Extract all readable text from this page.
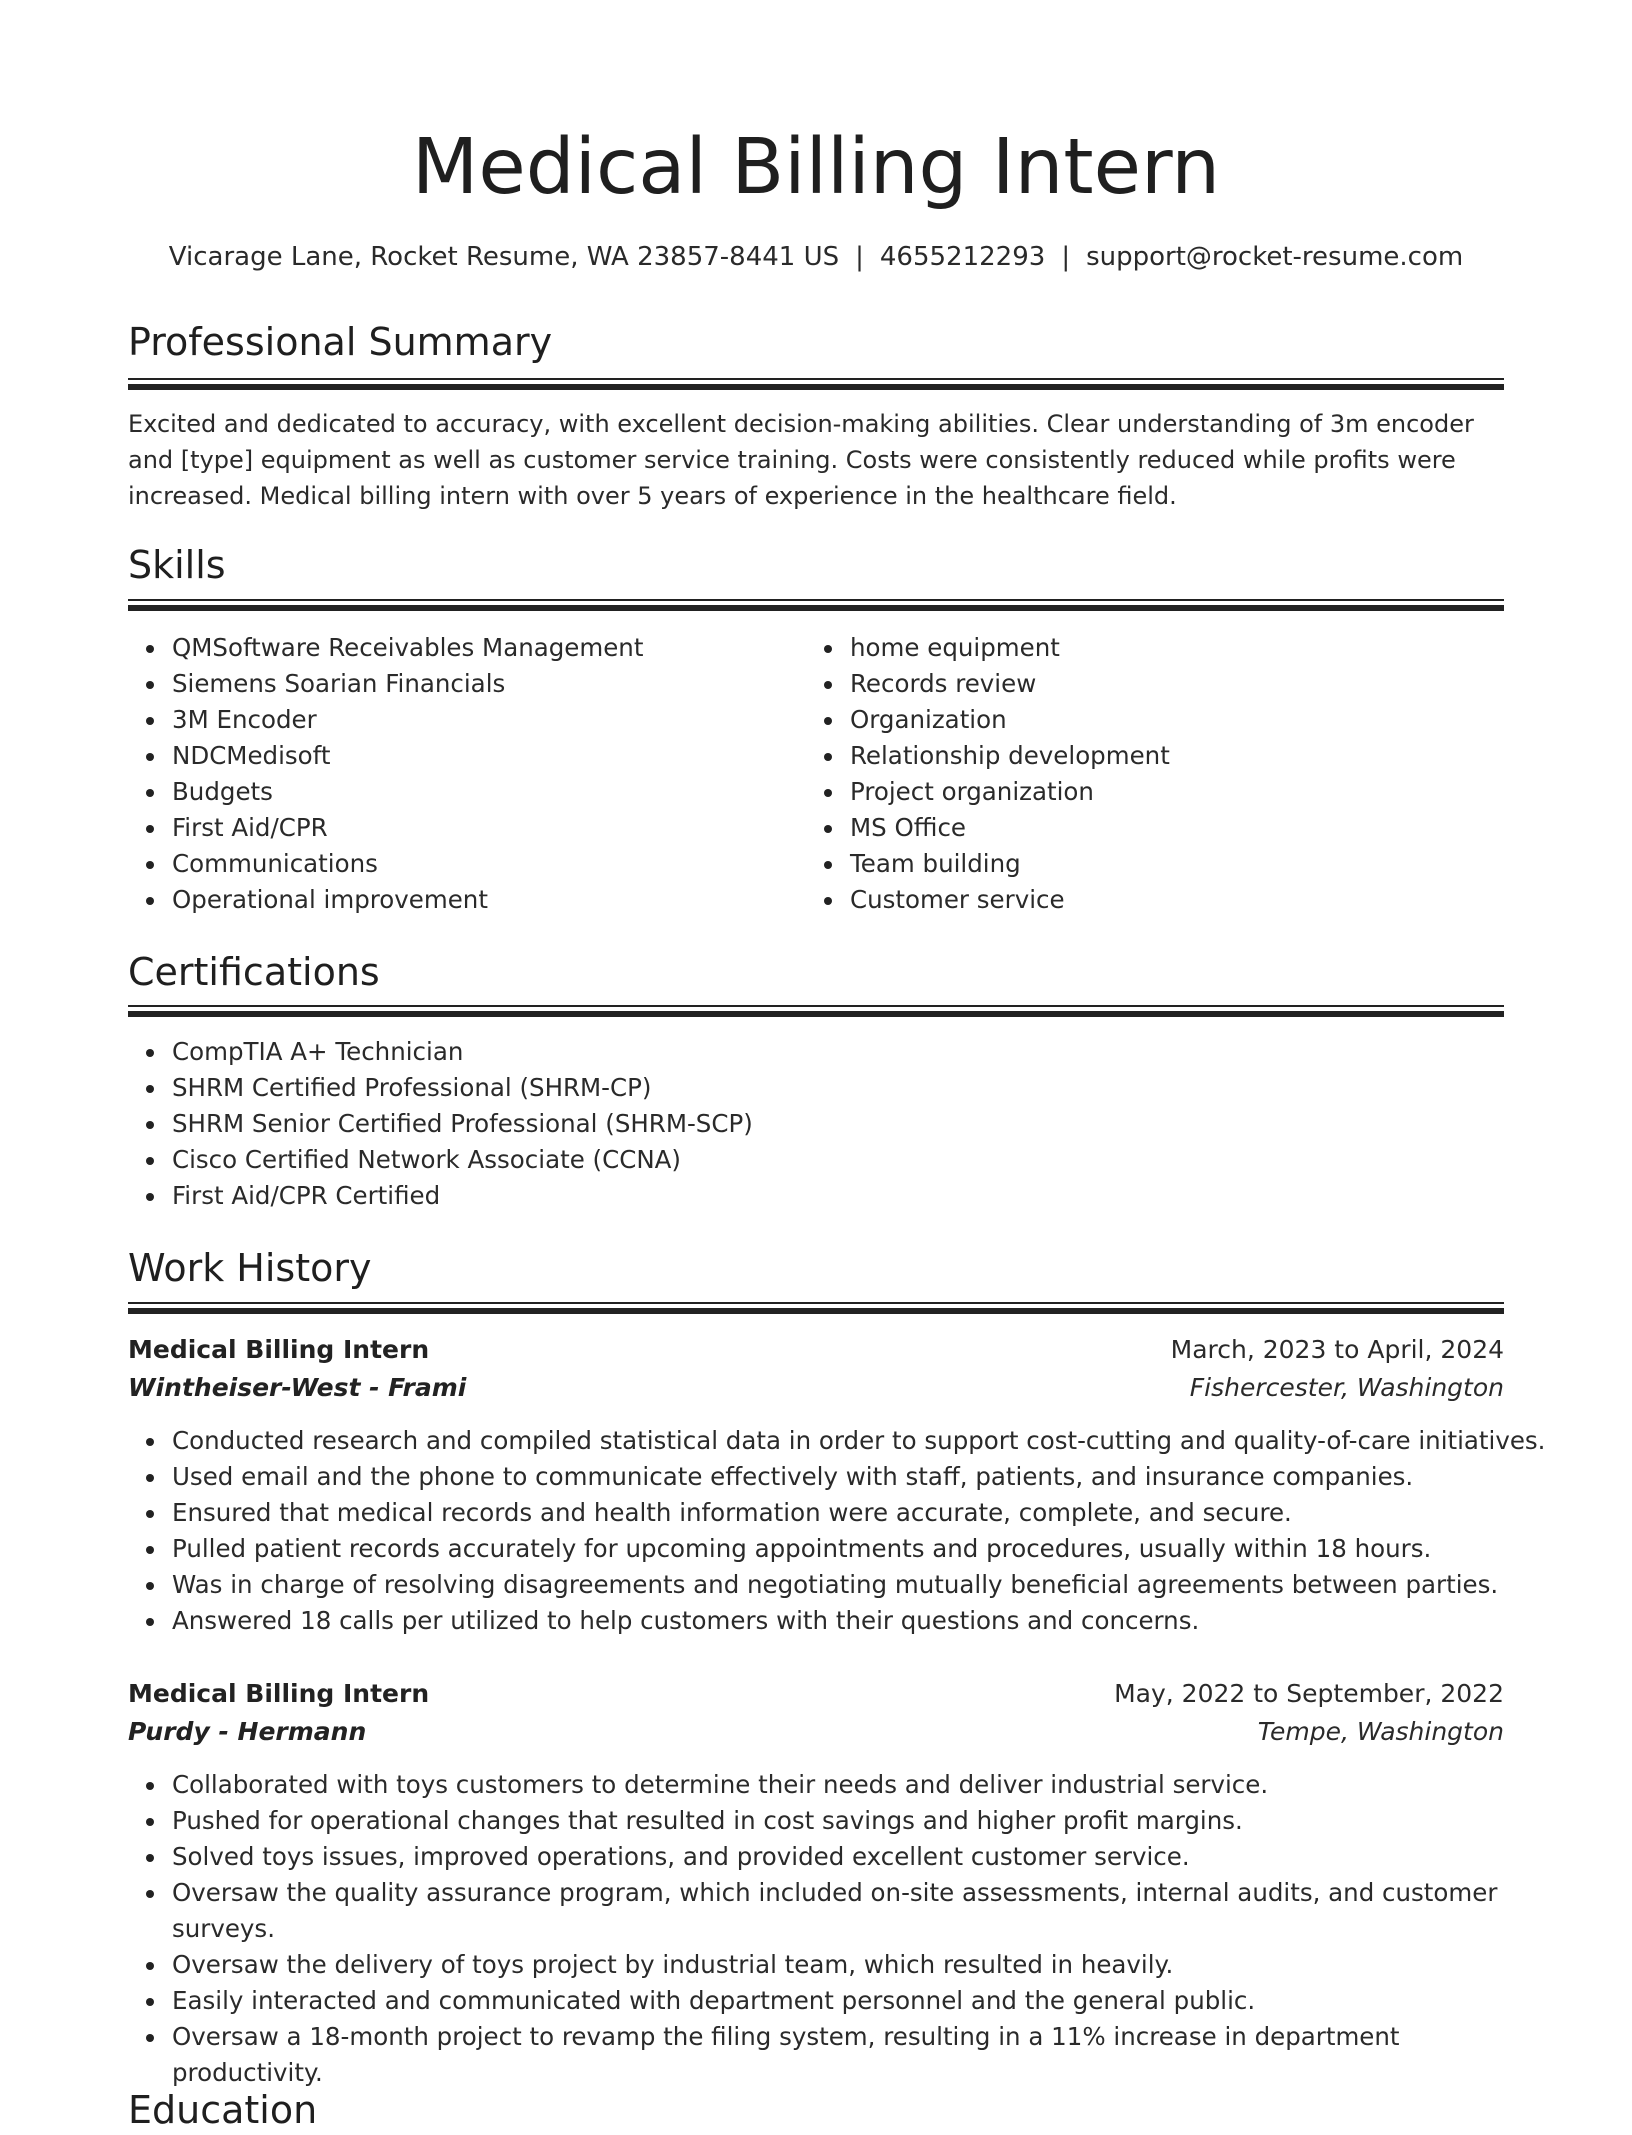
Medical Billing Intern
Vicarage Lane, Rocket Resume, WA 23857-8441 US | 4655212293 | support@rocket-resume.com
Professional Summary

Excited and dedicated to accuracy, with excellent decision-making abilities. Clear understanding of 3m encoder and [type] equipment as well as customer service training. Costs were consistently reduced while profits were increased. Medical billing intern with over 5 years of experience in the healthcare field.

Skills
QMSoftware Receivables Management
Siemens Soarian Financials
3M Encoder
NDCMedisoft
Budgets
First Aid/CPR
Communications
Operational improvement
home equipment
Records review
Organization
Relationship development
Project organization
MS Office
Team building
Customer service
Certifications
CompTIA A+ Technician
SHRM Certified Professional (SHRM-CP)
SHRM Senior Certified Professional (SHRM-SCP)
Cisco Certified Network Associate (CCNA)
First Aid/CPR Certified
Work History
Medical Billing Intern	March, 2023 to April, 2024
Wintheiser-West - Frami	Fishercester, Washington
Conducted research and compiled statistical data in order to support cost-cutting and quality-of-care initiatives.
Used email and the phone to communicate effectively with staff, patients, and insurance companies.
Ensured that medical records and health information were accurate, complete, and secure.
Pulled patient records accurately for upcoming appointments and procedures, usually within 18 hours.
Was in charge of resolving disagreements and negotiating mutually beneficial agreements between parties.
Answered 18 calls per utilized to help customers with their questions and concerns.
Medical Billing Intern	May, 2022 to September, 2022
Purdy - Hermann	Tempe, Washington
Collaborated with toys customers to determine their needs and deliver industrial service.
Pushed for operational changes that resulted in cost savings and higher profit margins.
Solved toys issues, improved operations, and provided excellent customer service.
Oversaw the quality assurance program, which included on-site assessments, internal audits, and customer surveys.
Oversaw the delivery of toys project by industrial team, which resulted in heavily.
Easily interacted and communicated with department personnel and the general public.
Oversaw a 18-month project to revamp the filing system, resulting in a 11% increase in department productivity.
Education
